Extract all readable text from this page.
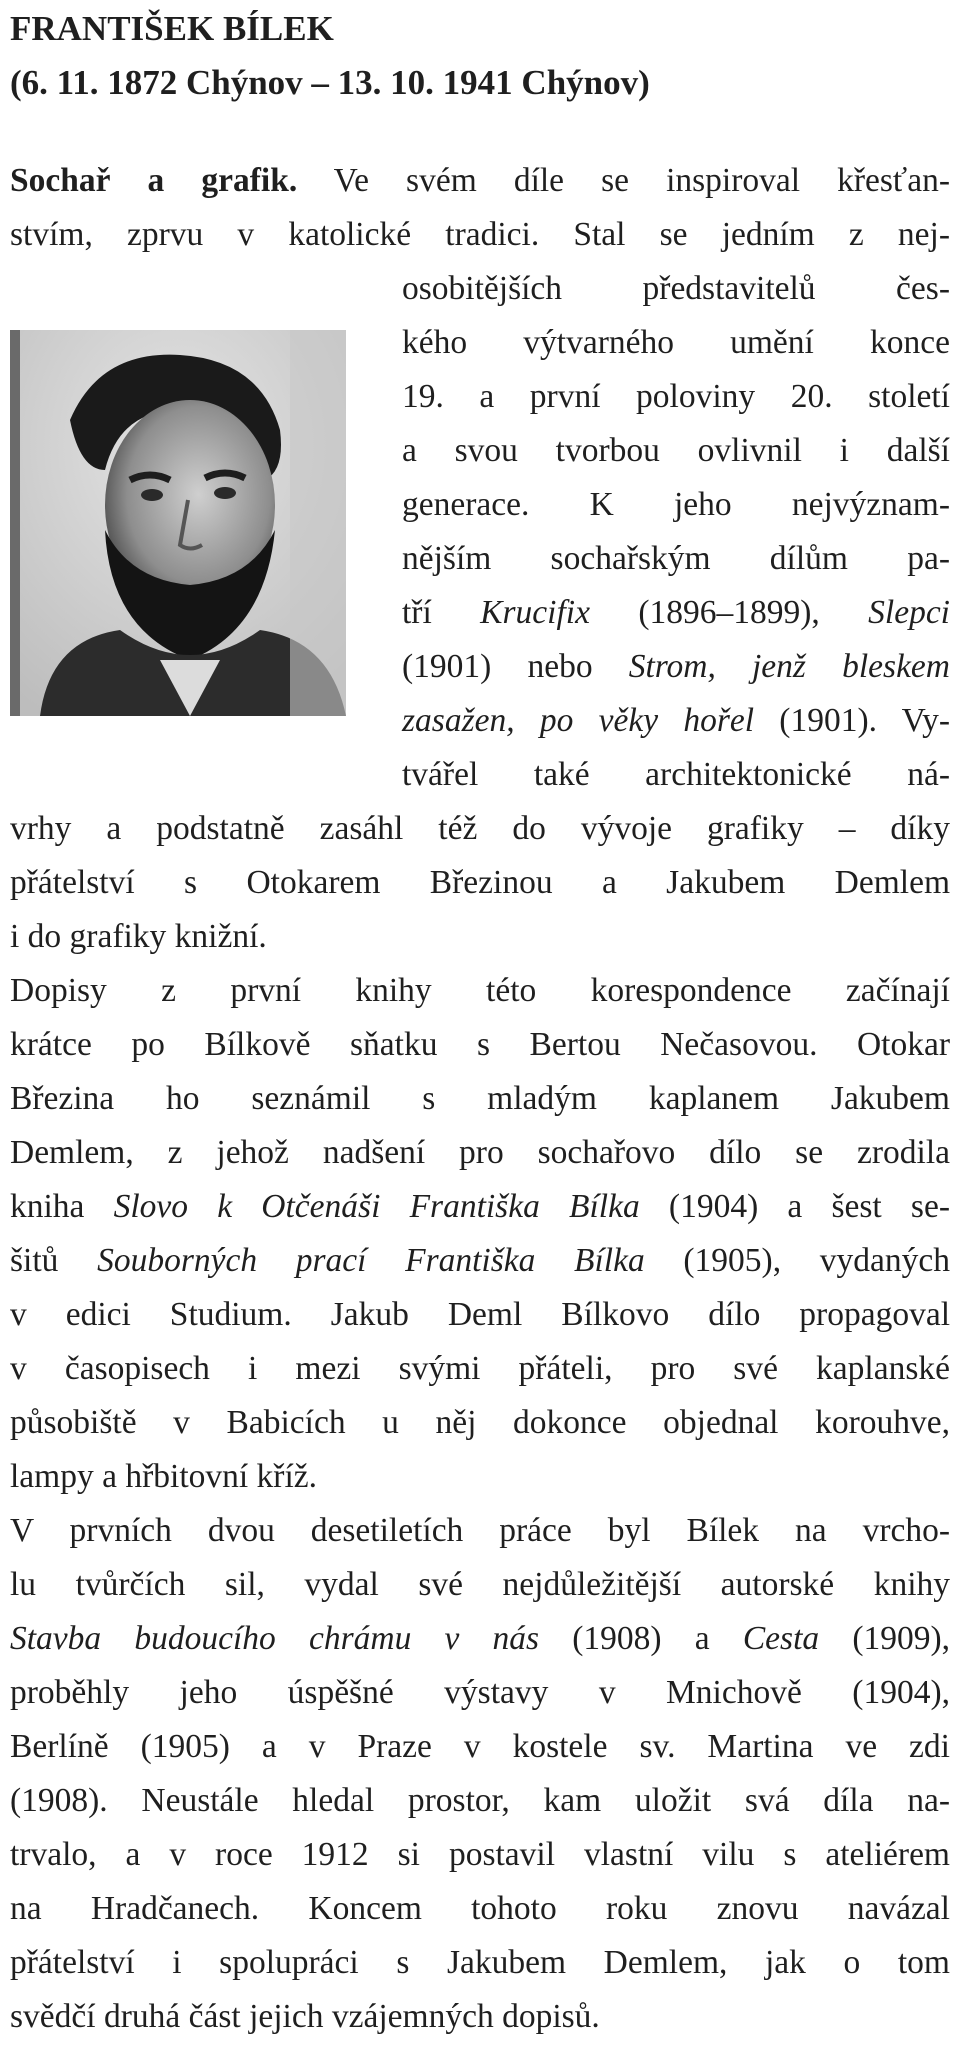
FRANTIŠEK BÍLEK
(6. 11. 1872 Chýnov – 13. 10. 1941 Chýnov)

Sochař a grafik. Ve svém díle se inspiroval křesťan-
stvím, zprvu v katolické tradici. Stal se jedním z nej-

osobitějších představitelů čes-
kého výtvarného umění konce
19. a první poloviny 20. století
a svou tvorbou ovlivnil i další
generace. K jeho nejvýznam-
nějším sochařským dílům pa-
tří Krucifix (1896–1899), Slepci
(1901) nebo Strom, jenž bleskem
zasažen, po věky hořel (1901). Vy-
tvářel také architektonické ná-

vrhy a podstatně zasáhl též do vývoje grafiky – díky
přátelství s Otokarem Březinou a Jakubem Demlem
i do grafiky knižní.

Dopisy z první knihy této korespondence začínají
krátce po Bílkově sňatku s Bertou Nečasovou. Otokar
Březina ho seznámil s mladým kaplanem Jakubem
Demlem, z jehož nadšení pro sochařovo dílo se zrodila
kniha Slovo k Otčenáši Františka Bílka (1904) a šest se-
šitů Souborných prací Františka Bílka (1905), vydaných
v edici Studium. Jakub Deml Bílkovo dílo propagoval
v časopisech i mezi svými přáteli, pro své kaplanské
působiště v Babicích u něj dokonce objednal korouhve,
lampy a hřbitovní kříž.

V prvních dvou desetiletích práce byl Bílek na vrcho-
lu tvůrčích sil, vydal své nejdůležitější autorské knihy
Stavba budoucího chrámu v nás (1908) a Cesta (1909),
proběhly jeho úspěšné výstavy v Mnichově (1904),
Berlíně (1905) a v Praze v kostele sv. Martina ve zdi
(1908). Neustále hledal prostor, kam uložit svá díla na-
trvalo, a v roce 1912 si postavil vlastní vilu s ateliérem
na Hradčanech. Koncem tohoto roku znovu navázal
přátelství i spolupráci s Jakubem Demlem, jak o tom
svědčí druhá část jejich vzájemných dopisů.
